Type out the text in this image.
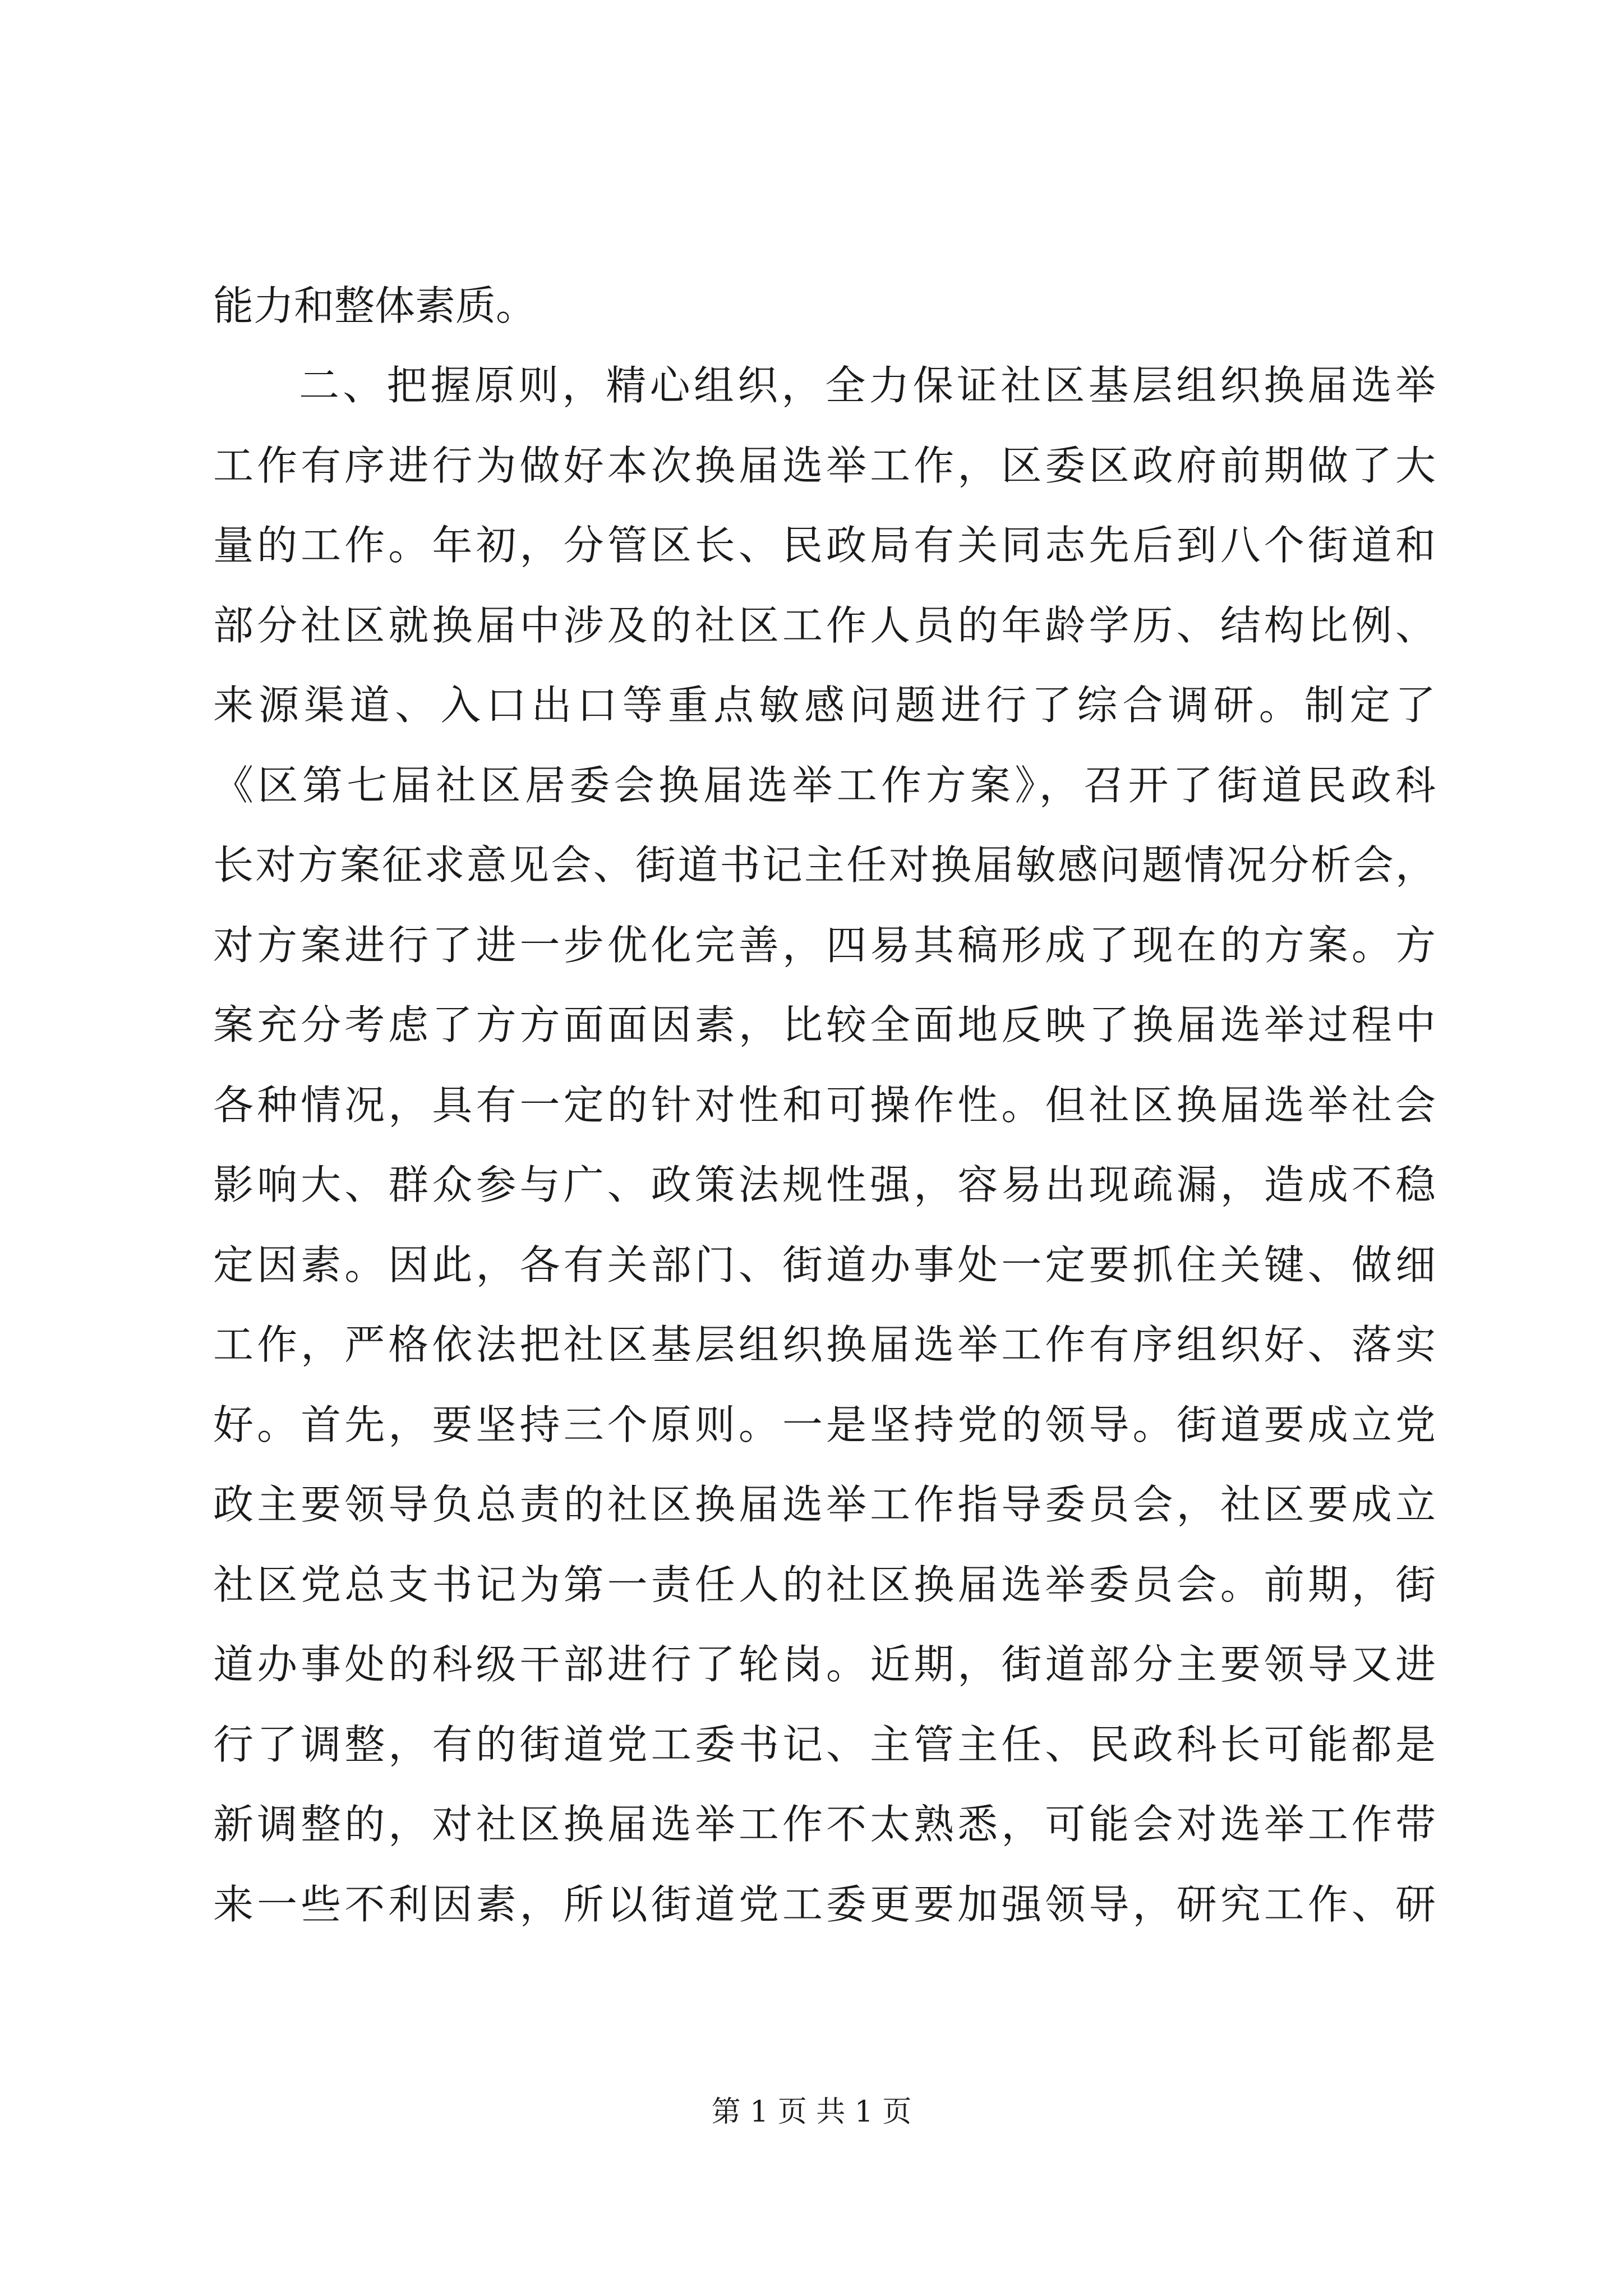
能力和整体素质。
二、把握原则，精心组织，全力保证社区基层组织换届选举
工作有序进行为做好本次换届选举工作，区委区政府前期做了大
量的工作。年初，分管区长、民政局有关同志先后到八个街道和
部分社区就换届中涉及的社区工作人员的年龄学历、结构比例、
来源渠道、入口出口等重点敏感问题进行了综合调研。制定了
《区第七届社区居委会换届选举工作方案》，召开了街道民政科
长对方案征求意见会、街道书记主任对换届敏感问题情况分析会，
对方案进行了进一步优化完善，四易其稿形成了现在的方案。方
案充分考虑了方方面面因素，比较全面地反映了换届选举过程中
各种情况，具有一定的针对性和可操作性。但社区换届选举社会
影响大、群众参与广、政策法规性强，容易出现疏漏，造成不稳
定因素。因此，各有关部门、街道办事处一定要抓住关键、做细
工作，严格依法把社区基层组织换届选举工作有序组织好、落实
好。首先，要坚持三个原则。一是坚持党的领导。街道要成立党
政主要领导负总责的社区换届选举工作指导委员会，社区要成立
社区党总支书记为第一责任人的社区换届选举委员会。前期，街
道办事处的科级干部进行了轮岗。近期，街道部分主要领导又进
行了调整，有的街道党工委书记、主管主任、民政科长可能都是
新调整的，对社区换届选举工作不太熟悉，可能会对选举工作带
来一些不利因素，所以街道党工委更要加强领导，研究工作、研
第 1 页 共 1 页
